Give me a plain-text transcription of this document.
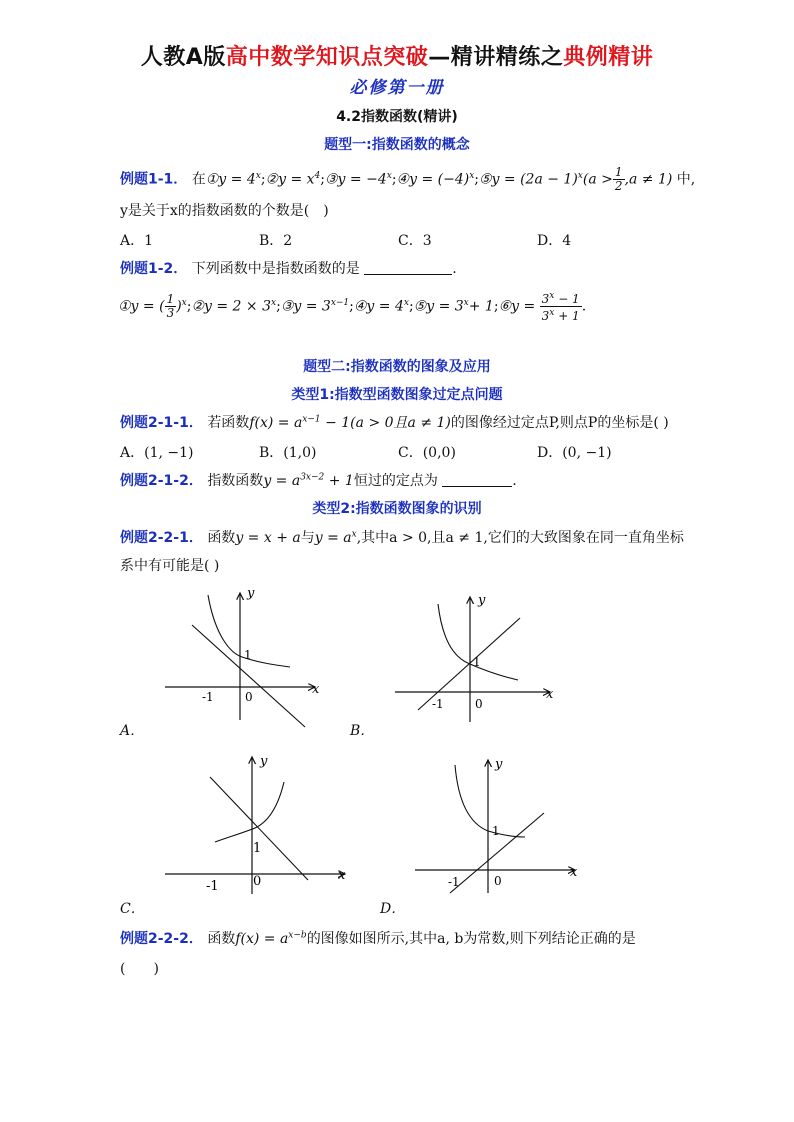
人教A版高中数学知识点突破—精讲精练之典例精讲
必修第一册
4.2指数函数(精讲)
题型一:指数函数的概念
例题1-1． 在①y = $4^x;②y$ = $x^4;③y$ = $-4^x;④y$ = $(-4)^x;⑤y = (2a - 1)^x(a > \frac{1}{2} ,a \ne 1)$ 中,
y是关于x的指数函数的个数是(　)
A．1	B．2	C．3	D．4
例题1-2． 下列函数中是指数函数的是	.
①y = ( $\frac{1}{3}$ )$^x$;②y = $2 \times 3^x;③y$ = $3^{x-1};④y$ = $4^x;⑤y = 3^x+$ 1;⑥y = $\frac{3^x - 1}{3^x + 1}$ .
题型二:指数函数的图象及应用
类型1:指数型函数图象过定点问题
例题2-1-1． 若函数$f(x) = a^{x-1} - 1(a > 0$且a ≠ 1)的图像经过定点P,则点P的坐标是( )
A．(1, −1)	B．(1,0)	C．(0,0)	D．(0, −1)
例题2-1-2． 指数函数$y = a^{3x-2} + 1$恒过的定点为	.
类型2:指数函数图象的识别
例题2-2-1． 函数y = x + a与$y = a^x$,其中a > 0,且a ≠ 1,它们的大致图象在同一直角坐标
系中有可能是( )
y
x
-1	0
1
A．
y
x
-1	0
1
B．
y
x
-1	0
1
C．
y
x
-1	0
1
D．
例题2-2-2． 函数$f(x) = a^{x-b}$的图像如图所示,其中a, b为常数,则下列结论正确的是
(　　)
